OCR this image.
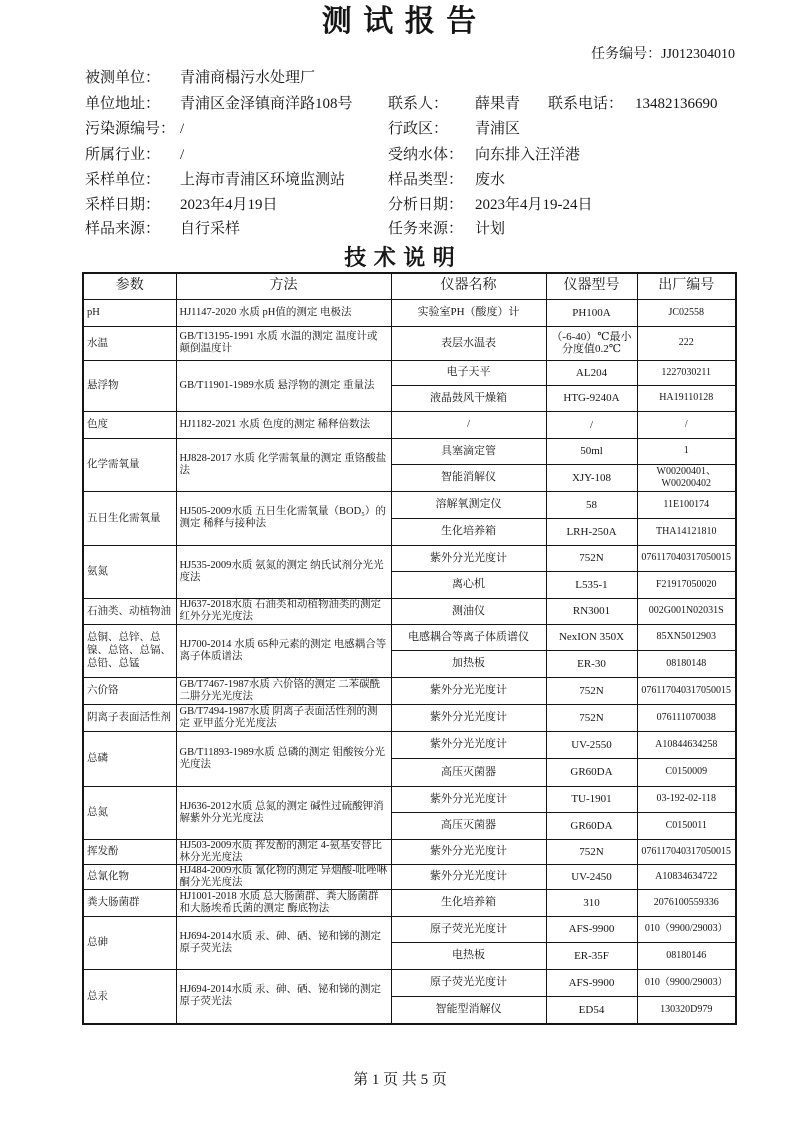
测 试 报 告
任务编号：JJ012304010
被测单位： 青浦商榻污水处理厂
单位地址： 青浦区金泽镇商洋路108号 联系人： 薛果青 联系电话： 13482136690
污染源编号： /	行政区： 青浦区
所属行业： /	受纳水体： 向东排入汪洋港
采样单位： 上海市青浦区环境监测站	样品类型： 废水
采样日期： 2023年4月19日	分析日期： 2023年4月19-24日
样品来源： 自行采样	任务来源： 计划
技 术 说 明
参数	方法	仪器名称	仪器型号	出厂编号
pH	HJ1147-2020 水质 pH值的测定 电极法	实验室PH（酸度）计	PH100A	JC02558
水温	GB/T13195-1991 水质 水温的测定 温度计或颠倒温度计	表层水温表	（-6-40）℃最小分度值0.2℃	222
悬浮物	GB/T11901-1989水质 悬浮物的测定 重量法	电子天平	AL204	1227030211
		液晶鼓风干燥箱	HTG-9240A	HA19110128
色度	HJ1182-2021 水质 色度的测定 稀释倍数法	/	/	/
化学需氧量	HJ828-2017 水质 化学需氧量的测定 重铬酸盐法	具塞滴定管	50ml	1
		智能消解仪	XJY-108	W00200401、W00200402
五日生化需氧量	HJ505-2009水质 五日生化需氧量（BOD₅）的测定 稀释与接种法	溶解氧测定仪	58	11E100174
		生化培养箱	LRH-250A	THA14121810
氨氮	HJ535-2009水质 氨氮的测定 纳氏试剂分光光度法	紫外分光光度计	752N	076117040317050015
		离心机	L535-1	F21917050020
石油类、动植物油	HJ637-2018水质 石油类和动植物油类的测定 红外分光光度法	测油仪	RN3001	002G001N02031S
总铜、总锌、总镍、总铬、总镉、总铅、总锰	HJ700-2014 水质 65种元素的测定 电感耦合等离子体质谱法	电感耦合等离子体质谱仪	NexION 350X	85XN5012903
		加热板	ER-30	08180148
六价铬	GB/T7467-1987水质 六价铬的测定 二苯碳酰二肼分光光度法	紫外分光光度计	752N	076117040317050015
阴离子表面活性剂	GB/T7494-1987水质 阴离子表面活性剂的测定 亚甲蓝分光光度法	紫外分光光度计	752N	076111070038
总磷	GB/T11893-1989水质 总磷的测定 钼酸铵分光光度法	紫外分光光度计	UV-2550	A10844634258
		高压灭菌器	GR60DA	C0150009
总氮	HJ636-2012水质 总氮的测定 碱性过硫酸钾消解紫外分光光度法	紫外分光光度计	TU-1901	03-192-02-118
		高压灭菌器	GR60DA	C0150011
挥发酚	HJ503-2009水质 挥发酚的测定 4-氨基安替比林分光光度法	紫外分光光度计	752N	076117040317050015
总氰化物	HJ484-2009水质 氰化物的测定 异烟酸-吡唑啉酮分光光度法	紫外分光光度计	UV-2450	A10834634722
粪大肠菌群	HJ1001-2018 水质 总大肠菌群、粪大肠菌群和大肠埃希氏菌的测定 酶底物法	生化培养箱	310	2076100559336
总砷	HJ694-2014水质 汞、砷、硒、铋和锑的测定 原子荧光法	原子荧光光度计	AFS-9900	010（9900/29003）
		电热板	ER-35F	08180146
总汞	HJ694-2014水质 汞、砷、硒、铋和锑的测定 原子荧光法	原子荧光光度计	AFS-9900	010（9900/29003）
		智能型消解仪	ED54	130320D979
第 1 页 共 5 页
